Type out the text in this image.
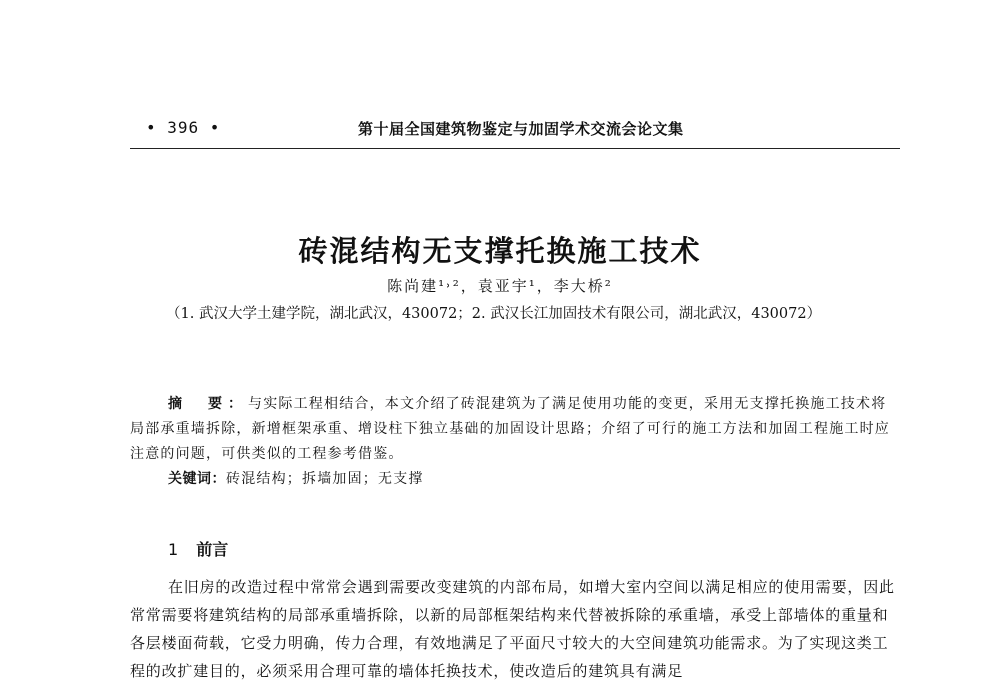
• 396 •	第十届全国建筑物鉴定与加固学术交流会论文集
砖混结构无支撑托换施工技术
陈尚建¹˒²，袁亚宇¹，李大桥²
（1. 武汉大学土建学院，湖北武汉，430072；2. 武汉长江加固技术有限公司，湖北武汉，430072）
摘　要：与实际工程相结合，本文介绍了砖混建筑为了满足使用功能的变更，采用无支撑托换施工技术将局部承重墙拆除，新增框架承重、增设柱下独立基础的加固设计思路；介绍了可行的施工方法和加固工程施工时应注意的问题，可供类似的工程参考借鉴。
关键词：砖混结构；拆墙加固；无支撑
1 前言
在旧房的改造过程中常常会遇到需要改变建筑的内部布局，如增大室内空间以满足相应的使用需要，因此常常需要将建筑结构的局部承重墙拆除，以新的局部框架结构来代替被拆除的承重墙，承受上部墙体的重量和各层楼面荷载，它受力明确，传力合理，有效地满足了平面尺寸较大的大空间建筑功能需求。为了实现这类工程的改扩建目的，必须采用合理可靠的墙体托换技术，使改造后的建筑具有满足
